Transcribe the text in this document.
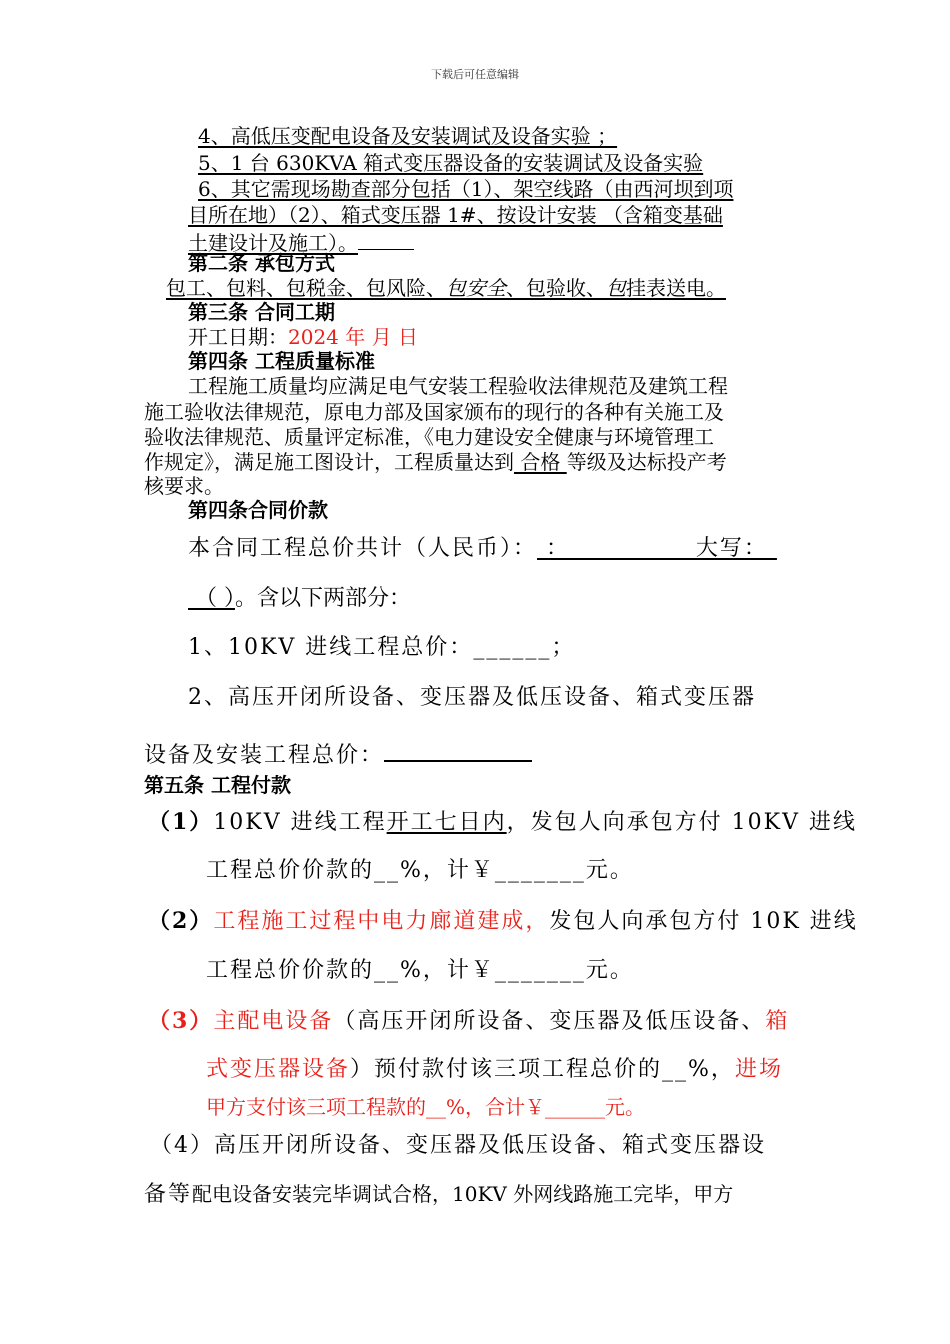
下载后可任意编辑
4、高低压变配电设备及安装调试及设备实验 ；
5、1 台 630KVA 箱式变压器设备的安装调试及设备实验
6、其它需现场勘查部分包括（1）、架空线路（由西河坝到项
目所在地）（2）、箱式变压器 1#、按设计安装 （含箱变基础
土建设计及施工）。
第二条 承包方式
包工、包料、包税金、包风险、包安全、包验收、包挂表送电。
第三条 合同工期
开工日期：2024 年 月 日
第四条 工程质量标准
工程施工质量均应满足电气安装工程验收法律规范及建筑工程
施工验收法律规范，原电力部及国家颁布的现行的各种有关施工及
验收法律规范、质量评定标准，《电力建设安全健康与环境管理工
作规定》，满足施工图设计，工程质量达到 合格 等级及达标投产考
核要求。
第四条合同价款
本合同工程总价共计（人民币）： ：              大写：
（ ）。含以下两部分：
1、10KV 进线工程总价：______；
2、高压开闭所设备、变压器及低压设备、箱式变压器
设备及安装工程总价：
第五条 工程付款
（1）10KV 进线工程开工七日内，发包人向承包方付 10KV 进线
工程总价价款的__%，计￥_______元。
（2）工程施工过程中电力廊道建成，发包人向承包方付 10K 进线
工程总价价款的__%，计￥_______元。
（3）主配电设备（高压开闭所设备、变压器及低压设备、箱
式变压器设备）预付款付该三项工程总价的__%，进场
甲方支付该三项工程款的__%，合计￥______元。
（4）高压开闭所设备、变压器及低压设备、箱式变压器设
备等配电设备安装完毕调试合格，10KV 外网线路施工完毕，甲方
